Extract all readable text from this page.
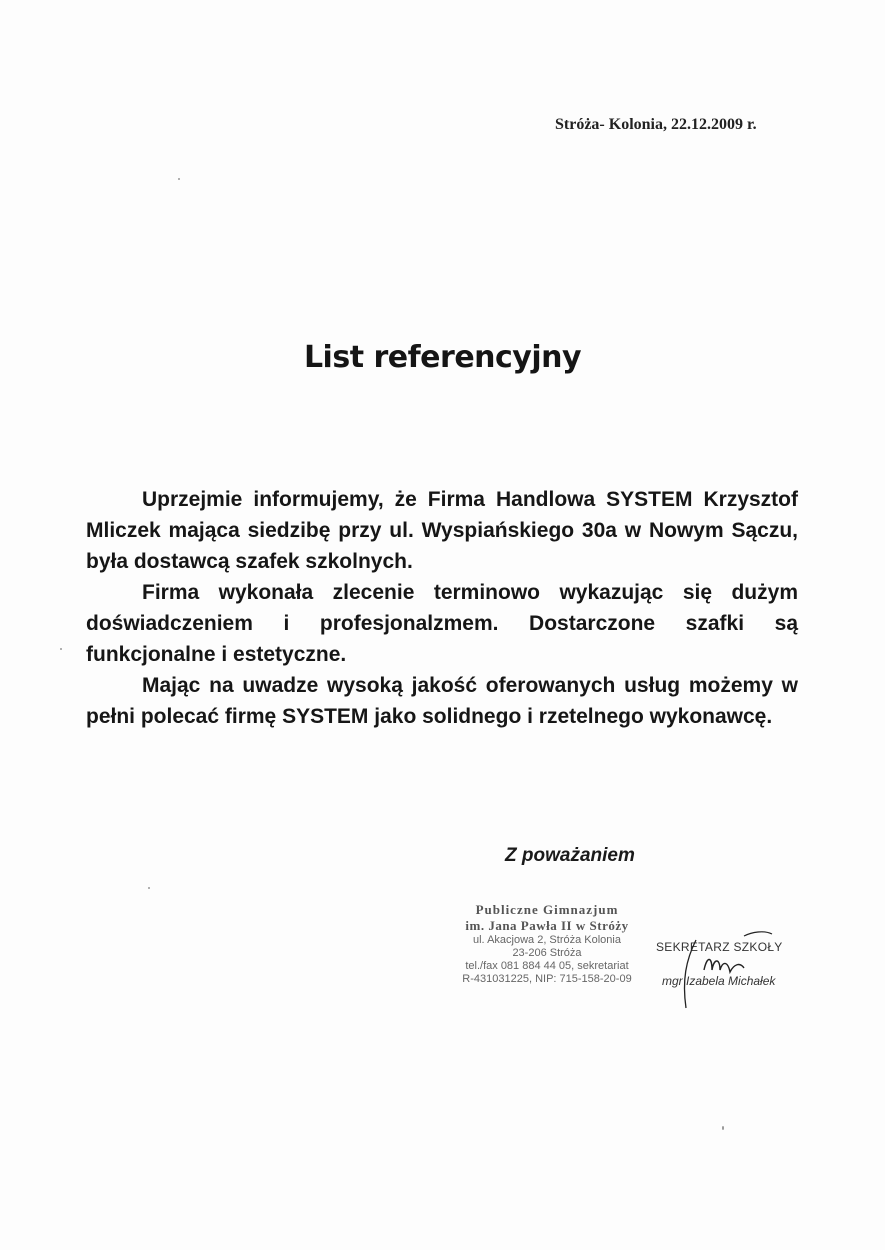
Stróża- Kolonia, 22.12.2009 r.
List referencyjny

Uprzejmie informujemy, że Firma Handlowa SYSTEM Krzysztof Mliczek mająca siedzibę przy ul. Wyspiańskiego 30a w Nowym Sączu, była dostawcą szafek szkolnych.

Firma wykonała zlecenie terminowo wykazując się dużym doświadczeniem i profesjonalzmem. Dostarczone szafki są funkcjonalne i estetyczne.

Mając na uwadze wysoką jakość oferowanych usług możemy w pełni polecać firmę SYSTEM jako solidnego i rzetelnego wykonawcę.

Z poważaniem
Publiczne Gimnazjum
im. Jana Pawła II w Stróży
ul. Akacjowa 2, Stróża Kolonia
23-206 Stróża
tel./fax 081 884 44 05, sekretariat
R-431031225, NIP: 715-158-20-09
SEKRETARZ SZKOŁY
mgr Izabela Michałek
